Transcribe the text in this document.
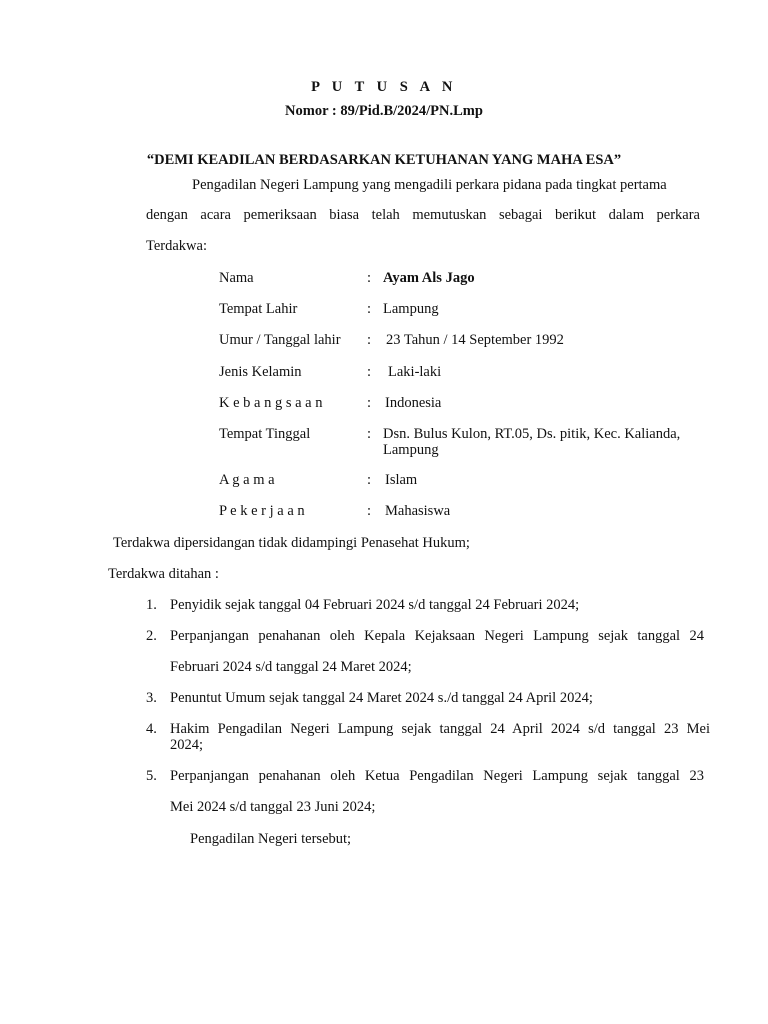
P U T U S A N
Nomor : 89/Pid.B/2024/PN.Lmp
“DEMI KEADILAN BERDASARKAN KETUHANAN YANG MAHA ESA”
Pengadilan Negeri Lampung yang mengadili perkara pidana pada tingkat pertama
dengan acara pemeriksaan biasa telah memutuskan sebagai berikut dalam perkara
Terdakwa:
Nama	: Ayam Als Jago
Tempat Lahir	: Lampung
Umur / Tanggal lahir : 23 Tahun / 14 September 1992
Jenis Kelamin	: Laki-laki
K e b a n g s a a n	: Indonesia
Tempat Tinggal	: Dsn. Bulus Kulon, RT.05, Ds. pitik, Kec. Kalianda,
Lampung
A g a m a	: Islam
P e k e r j a a n	: Mahasiswa
Terdakwa dipersidangan tidak didampingi Penasehat Hukum;
Terdakwa ditahan :
1. Penyidik sejak tanggal 04 Februari 2024 s/d tanggal 24 Februari 2024;
2. Perpanjangan penahanan oleh Kepala Kejaksaan Negeri Lampung sejak tanggal 24
Februari 2024 s/d tanggal 24 Maret 2024;
3. Penuntut Umum sejak tanggal 24 Maret 2024 s./d tanggal 24 April 2024;
4. Hakim Pengadilan Negeri Lampung sejak tanggal 24 April 2024 s/d tanggal 23 Mei
2024;
5. Perpanjangan penahanan oleh Ketua Pengadilan Negeri Lampung sejak tanggal 23
Mei 2024 s/d tanggal 23 Juni 2024;
Pengadilan Negeri tersebut;
